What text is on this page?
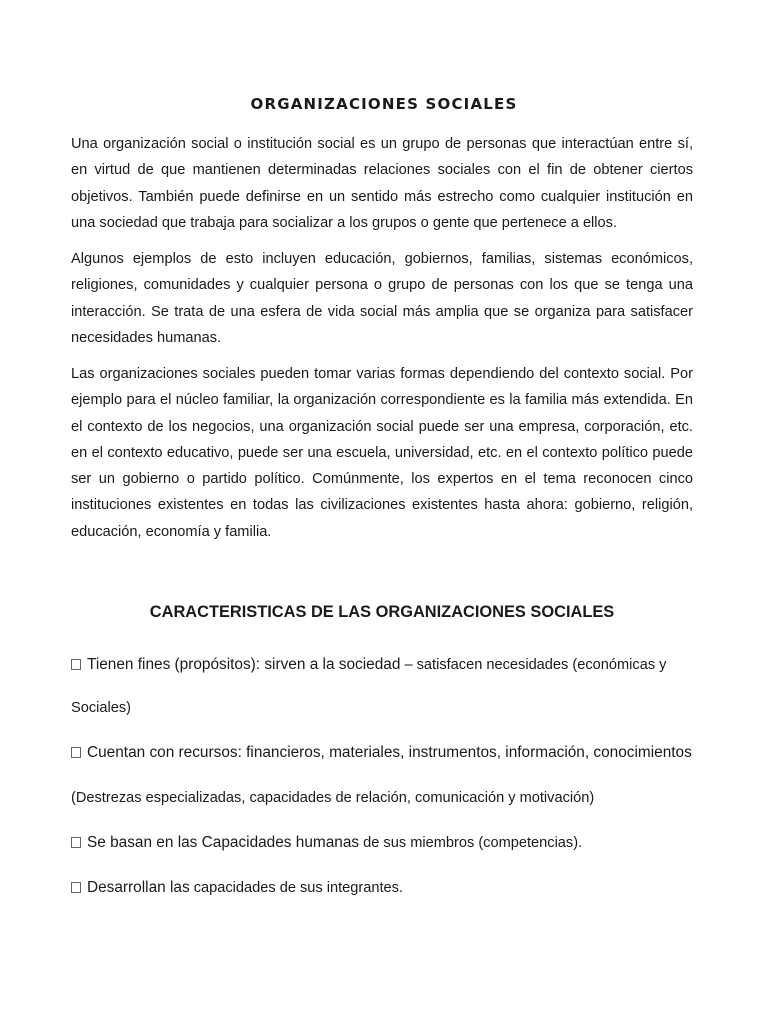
ORGANIZACIONES SOCIALES

Una organización social o institución social es un grupo de personas que interactúan entre sí, en virtud de que mantienen determinadas relaciones sociales con el fin de obtener ciertos objetivos. También puede definirse en un sentido más estrecho como cualquier institución en una sociedad que trabaja para socializar a los grupos o gente que pertenece a ellos.

Algunos ejemplos de esto incluyen educación, gobiernos, familias, sistemas económicos, religiones, comunidades y cualquier persona o grupo de personas con los que se tenga una interacción. Se trata de una esfera de vida social más amplia que se organiza para satisfacer necesidades humanas.

Las organizaciones sociales pueden tomar varias formas dependiendo del contexto social. Por ejemplo para el núcleo familiar, la organización correspondiente es la familia más extendida. En el contexto de los negocios, una organización social puede ser una empresa, corporación, etc. en el contexto educativo, puede ser una escuela, universidad, etc. en el contexto político puede ser un gobierno o partido político. Comúnmente, los expertos en el tema reconocen cinco instituciones existentes en todas las civilizaciones existentes hasta ahora: gobierno, religión, educación, economía y familia.

CARACTERISTICAS DE LAS ORGANIZACIONES SOCIALES
Tienen fines (propósitos): sirven a la sociedad – satisfacen necesidades (económicas y
Sociales)
Cuentan con recursos: financieros, materiales, instrumentos, información, conocimientos
(Destrezas especializadas, capacidades de relación, comunicación y motivación)
Se basan en las Capacidades humanas de sus miembros (competencias).
Desarrollan las capacidades de sus integrantes.
